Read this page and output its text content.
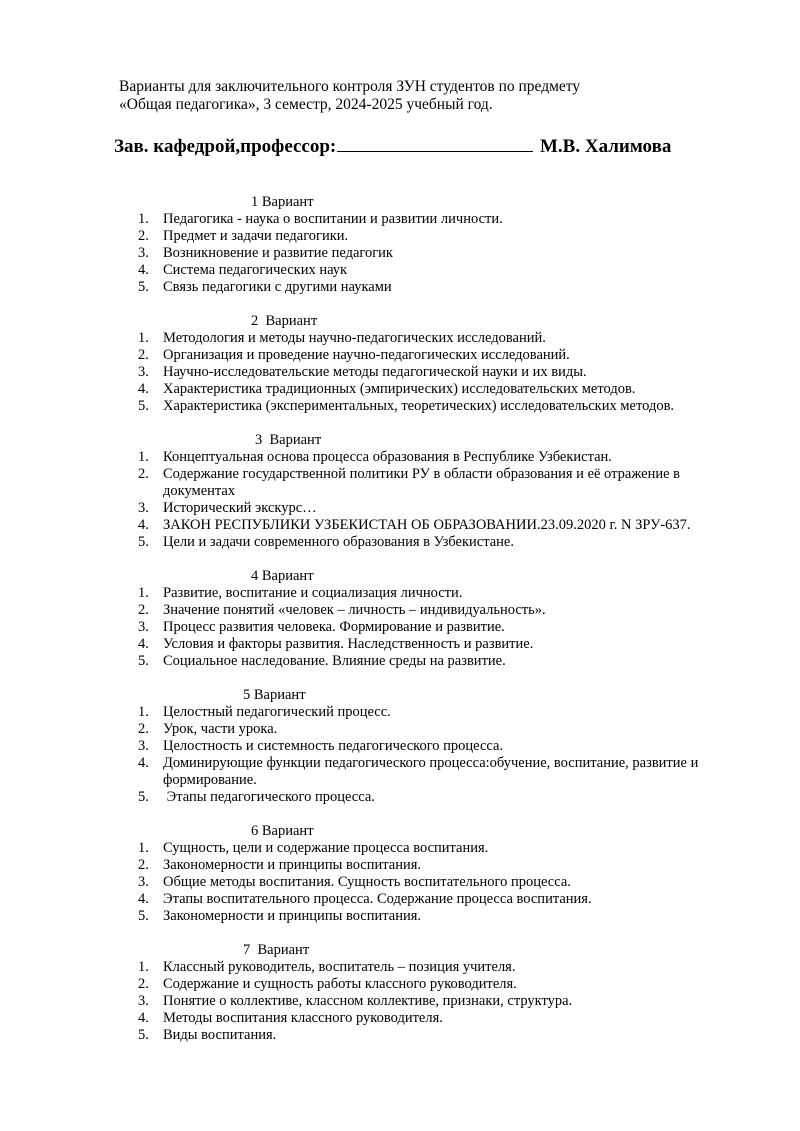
Варианты для заключительного контроля ЗУН студентов по предмету
«Общая педагогика», 3 семестр, 2024-2025 учебный год.
Зав. кафедрой,профессор:	М.В. Халимова
1 Вариант
1. Педагогика - наука о воспитании и развитии личности.
2. Предмет и задачи педагогики.
3. Возникновение и развитие педагогик
4. Система педагогических наук
5. Связь педагогики с другими науками
2  Вариант
1. Методология и методы научно-педагогических исследований.
2. Организация и проведение научно-педагогических исследований.
3. Научно-исследовательские методы педагогической науки и их виды.
4. Характеристика традиционных (эмпирических) исследовательских методов.
5. Характеристика (экспериментальных, теоретических) исследовательских методов.
3  Вариант
1. Концептуальная основа процесса образования в Республике Узбекистан.
2. Содержание государственной политики РУ в области образования и её отражение в документах
3. Исторический экскурс…
4. ЗАКОН РЕСПУБЛИКИ УЗБЕКИСТАН ОБ ОБРАЗОВАНИИ.23.09.2020 г. N ЗРУ-637.
5. Цели и задачи современного образования в Узбекистане.
4 Вариант
1. Развитие, воспитание и социализация личности.
2. Значение понятий «человек – личность – индивидуальность».
3. Процесс развития человека. Формирование и развитие.
4. Условия и факторы развития. Наследственность и развитие.
5. Социальное наследование. Влияние среды на развитие.
5 Вариант
1. Целостный педагогический процесс.
2. Урок, части урока.
3. Целостность и системность педагогического процесса.
4. Доминирующие функции педагогического процесса:обучение, воспитание, развитие и формирование.
5. Этапы педагогического процесса.
6 Вариант
1. Сущность, цели и содержание процесса воспитания.
2. Закономерности и принципы воспитания.
3. Общие методы воспитания. Сущность воспитательного процесса.
4. Этапы воспитательного процесса. Содержание процесса воспитания.
5. Закономерности и принципы воспитания.
7  Вариант
1. Классный руководитель, воспитатель – позиция учителя.
2. Содержание и сущность работы классного руководителя.
3. Понятие о коллективе, классном коллективе, признаки, структура.
4. Методы воспитания классного руководителя.
5. Виды воспитания.
